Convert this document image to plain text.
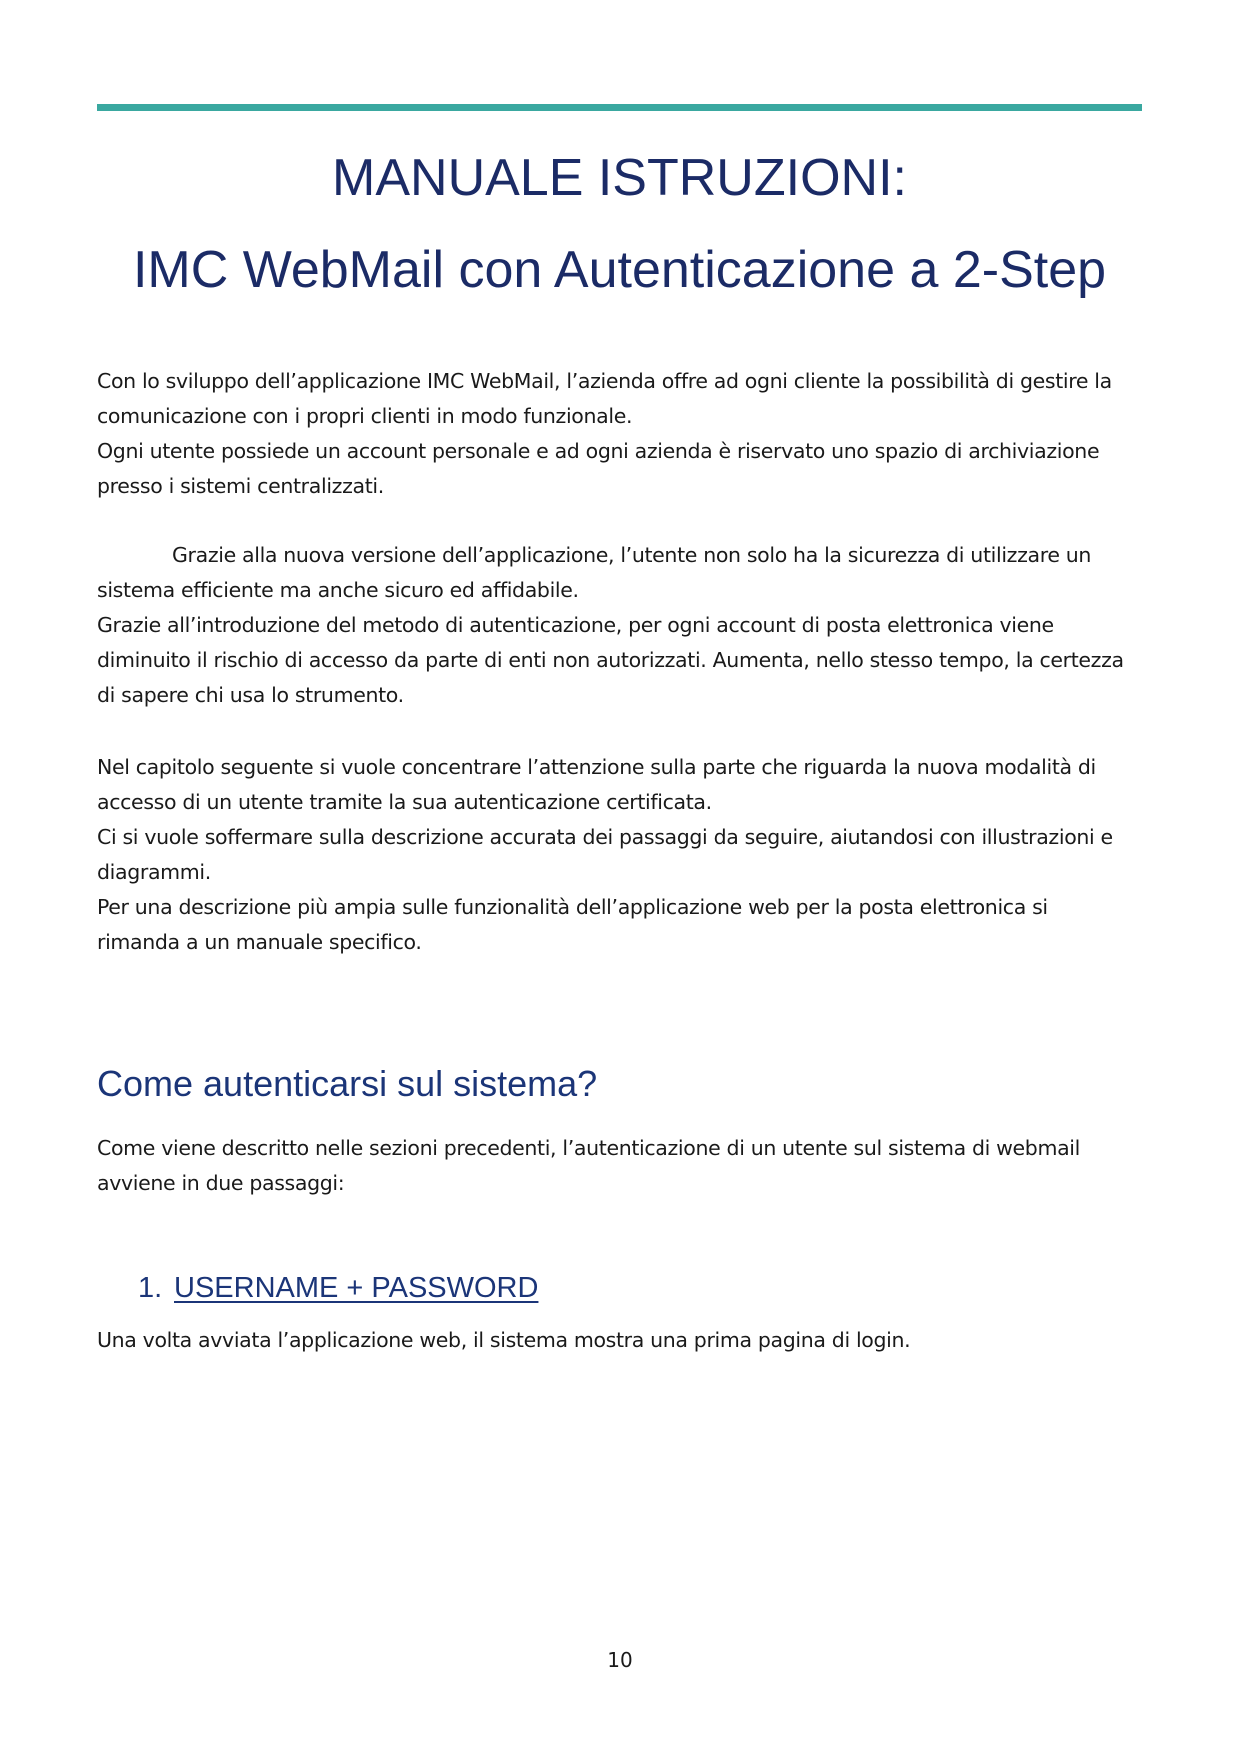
MANUALE ISTRUZIONI:
IMC WebMail con Autenticazione a 2-Step
Con lo sviluppo dell’applicazione IMC WebMail, l’azienda offre ad ogni cliente la possibilità di gestire la
comunicazione con i propri clienti in modo funzionale.
Ogni utente possiede un account personale e ad ogni azienda è riservato uno spazio di archiviazione
presso i sistemi centralizzati.
Grazie alla nuova versione dell’applicazione, l’utente non solo ha la sicurezza di utilizzare un
sistema efficiente ma anche sicuro ed affidabile.
Grazie all’introduzione del metodo di autenticazione, per ogni account di posta elettronica viene
diminuito il rischio di accesso da parte di enti non autorizzati. Aumenta, nello stesso tempo, la certezza
di sapere chi usa lo strumento.
Nel capitolo seguente si vuole concentrare l’attenzione sulla parte che riguarda la nuova modalità di
accesso di un utente tramite la sua autenticazione certificata.
Ci si vuole soffermare sulla descrizione accurata dei passaggi da seguire, aiutandosi con illustrazioni e
diagrammi.
Per una descrizione più ampia sulle funzionalità dell’applicazione web per la posta elettronica si
rimanda a un manuale specifico.
Come autenticarsi sul sistema?
Come viene descritto nelle sezioni precedenti, l’autenticazione di un utente sul sistema di webmail
avviene in due passaggi:
1. USERNAME + PASSWORD
Una volta avviata l’applicazione web, il sistema mostra una prima pagina di login.
10
